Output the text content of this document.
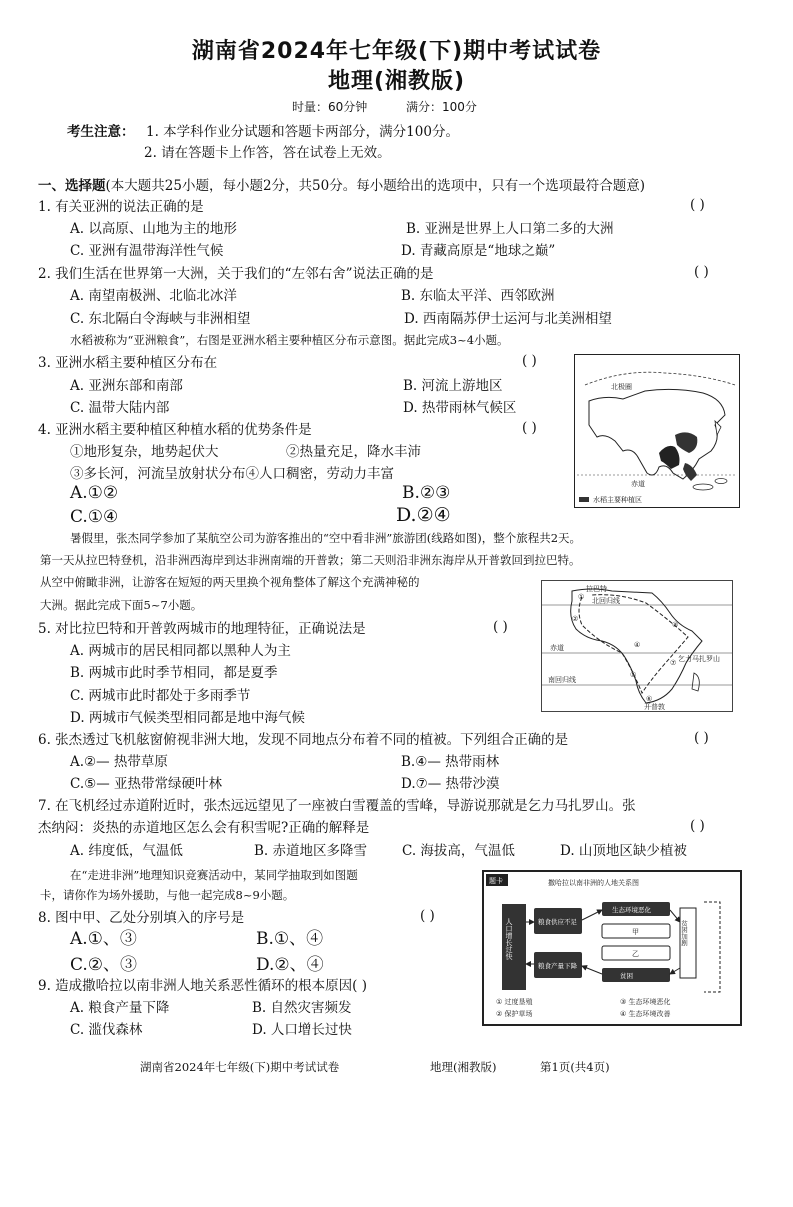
湖南省2024年七年级(下)期中考试试卷
地理(湘教版)
时量：60分钟	满分：100分
考生注意： 1. 本学科作业分试题和答题卡两部分，满分100分。
2. 请在答题卡上作答，答在试卷上无效。
一、选择题(本大题共25小题，每小题2分，共50分。每小题给出的选项中，只有一个选项最符合题意)
1. 有关亚洲的说法正确的是	( )
A. 以高原、山地为主的地形	B. 亚洲是世界上人口第二多的大洲
C. 亚洲有温带海洋性气候	D. 青藏高原是“地球之巅”
2. 我们生活在世界第一大洲，关于我们的“左邻右舍”说法正确的是	( )
A. 南望南极洲、北临北冰洋	B. 东临太平洋、西邻欧洲
C. 东北隔白令海峡与非洲相望	D. 西南隔苏伊士运河与北美洲相望
水稻被称为“亚洲粮食”，右图是亚洲水稻主要种植区分布示意图。据此完成3~4小题。
3. 亚洲水稻主要种植区分布在	( )
A. 亚洲东部和南部	B. 河流上游地区
C. 温带大陆内部	D. 热带雨林气候区
4. 亚洲水稻主要种植区种植水稻的优势条件是	( )
①地形复杂，地势起伏大	②热量充足，降水丰沛
③多长河，河流呈放射状分布④人口稠密，劳动力丰富
A.①②	B.②③
C.①④	D.②④
北极圈
赤道
水稻主要种植区
暑假里，张杰同学参加了某航空公司为游客推出的“空中看非洲”旅游团(线路如图)，整个旅程共2天。
第一天从拉巴特登机，沿非洲西海岸到达非洲南端的开普敦；第二天则沿非洲东海岸从开普敦回到拉巴特。
从空中俯瞰非洲，让游客在短短的两天里换个视角整体了解这个充满神秘的
大洲。据此完成下面5~7小题。
拉巴特
北回归线
赤道
乞力马扎罗山
南回归线
开普敦
①
②
③
④
⑤
⑥
⑦
5. 对比拉巴特和开普敦两城市的地理特征，正确说法是	( )
A. 两城市的居民相同都以黑种人为主
B. 两城市此时季节相同，都是夏季
C. 两城市此时都处于多雨季节
D. 两城市气候类型相同都是地中海气候
6. 张杰透过飞机舷窗俯视非洲大地，发现不同地点分布着不同的植被。下列组合正确的是	( )
A.②— 热带草原	B.④— 热带雨林
C.⑤— 亚热带常绿硬叶林	D.⑦— 热带沙漠
7. 在飞机经过赤道附近时，张杰远远望见了一座被白雪覆盖的雪峰，导游说那就是乞力马扎罗山。张
杰纳闷：炎热的赤道地区怎么会有积雪呢?正确的解释是	( )
A. 纬度低，气温低	B. 赤道地区多降雪	C. 海拔高，气温低	D. 山顶地区缺少植被
在“走进非洲”地理知识竞赛活动中，某同学抽取到如图题
卡，请你作为场外援助，与他一起完成8~9小题。
题卡	撒哈拉以南非洲的人地关系图
人口增长过快	粮食供应不足
粮食产量下降
生态环境恶化
甲
乙
贫困
贫困加剧
① 过度垦殖
② 保护草场
③ 生态环境恶化
④ 生态环境改善
8. 图中甲、乙处分别填入的序号是	( )
A.①、③	B.①、④
C.②、③	D.②、④
9. 造成撒哈拉以南非洲人地关系恶性循环的根本原因( )
A. 粮食产量下降	B. 自然灾害频发
C. 滥伐森林	D. 人口增长过快
湖南省2024年七年级(下)期中考试试卷	地理(湘教版)	第1页(共4页)
